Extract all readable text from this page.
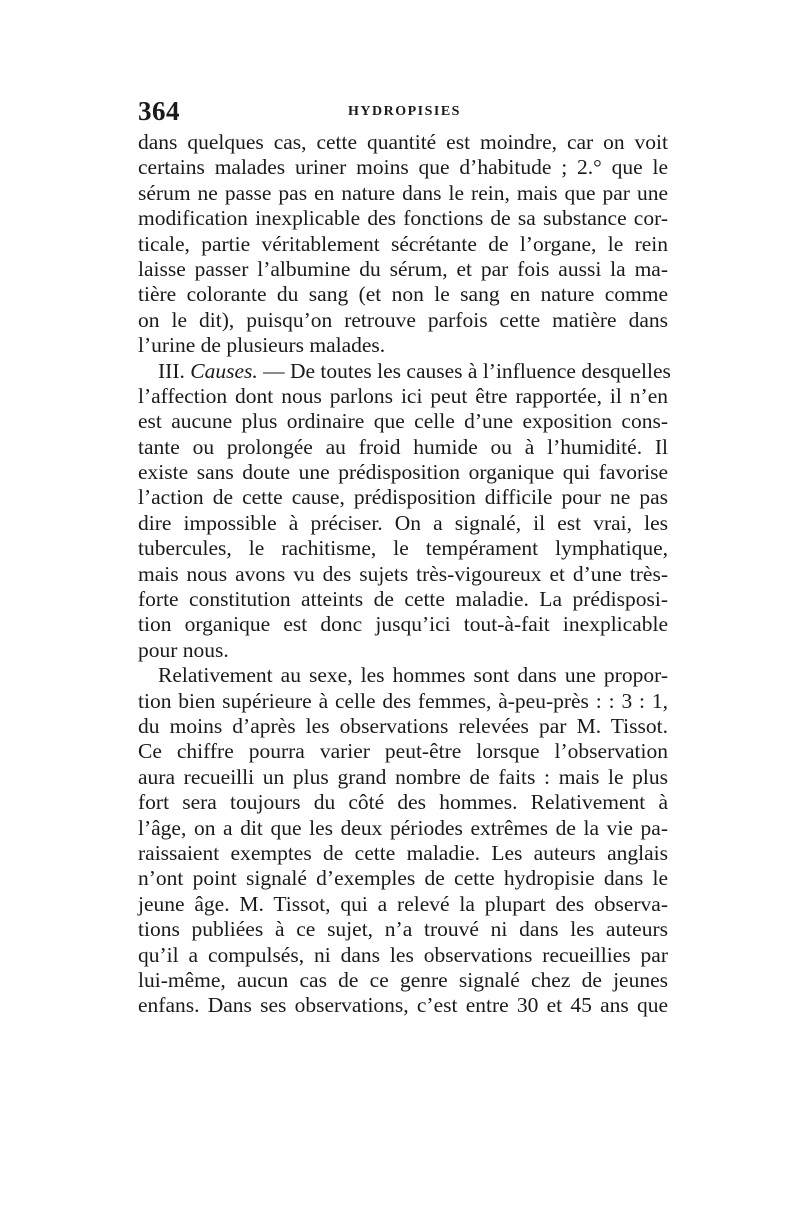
364	HYDROPISIES
dans quelques cas, cette quantité est moindre, car on voit
certains malades uriner moins que d’habitude ; 2.° que le
sérum ne passe pas en nature dans le rein, mais que par une
modification inexplicable des fonctions de sa substance cor-
ticale, partie véritablement sécrétante de l’organe, le rein
laisse passer l’albumine du sérum, et par fois aussi la ma-
tière colorante du sang (et non le sang en nature comme
on le dit), puisqu’on retrouve parfois cette matière dans
l’urine de plusieurs malades.
III. Causes. — De toutes les causes à l’influence desquelles
l’affection dont nous parlons ici peut être rapportée, il n’en
est aucune plus ordinaire que celle d’une exposition cons-
tante ou prolongée au froid humide ou à l’humidité. Il
existe sans doute une prédisposition organique qui favorise
l’action de cette cause, prédisposition difficile pour ne pas
dire impossible à préciser. On a signalé, il est vrai, les
tubercules, le rachitisme, le tempérament lymphatique,
mais nous avons vu des sujets très-vigoureux et d’une très-
forte constitution atteints de cette maladie. La prédisposi-
tion organique est donc jusqu’ici tout-à-fait inexplicable
pour nous.
Relativement au sexe, les hommes sont dans une propor-
tion bien supérieure à celle des femmes, à-peu-près : : 3 : 1,
du moins d’après les observations relevées par M. Tissot.
Ce chiffre pourra varier peut-être lorsque l’observation
aura recueilli un plus grand nombre de faits : mais le plus
fort sera toujours du côté des hommes. Relativement à
l’âge, on a dit que les deux périodes extrêmes de la vie pa-
raissaient exemptes de cette maladie. Les auteurs anglais
n’ont point signalé d’exemples de cette hydropisie dans le
jeune âge. M. Tissot, qui a relevé la plupart des observa-
tions publiées à ce sujet, n’a trouvé ni dans les auteurs
qu’il a compulsés, ni dans les observations recueillies par
lui-même, aucun cas de ce genre signalé chez de jeunes
enfans. Dans ses observations, c’est entre 30 et 45 ans que
